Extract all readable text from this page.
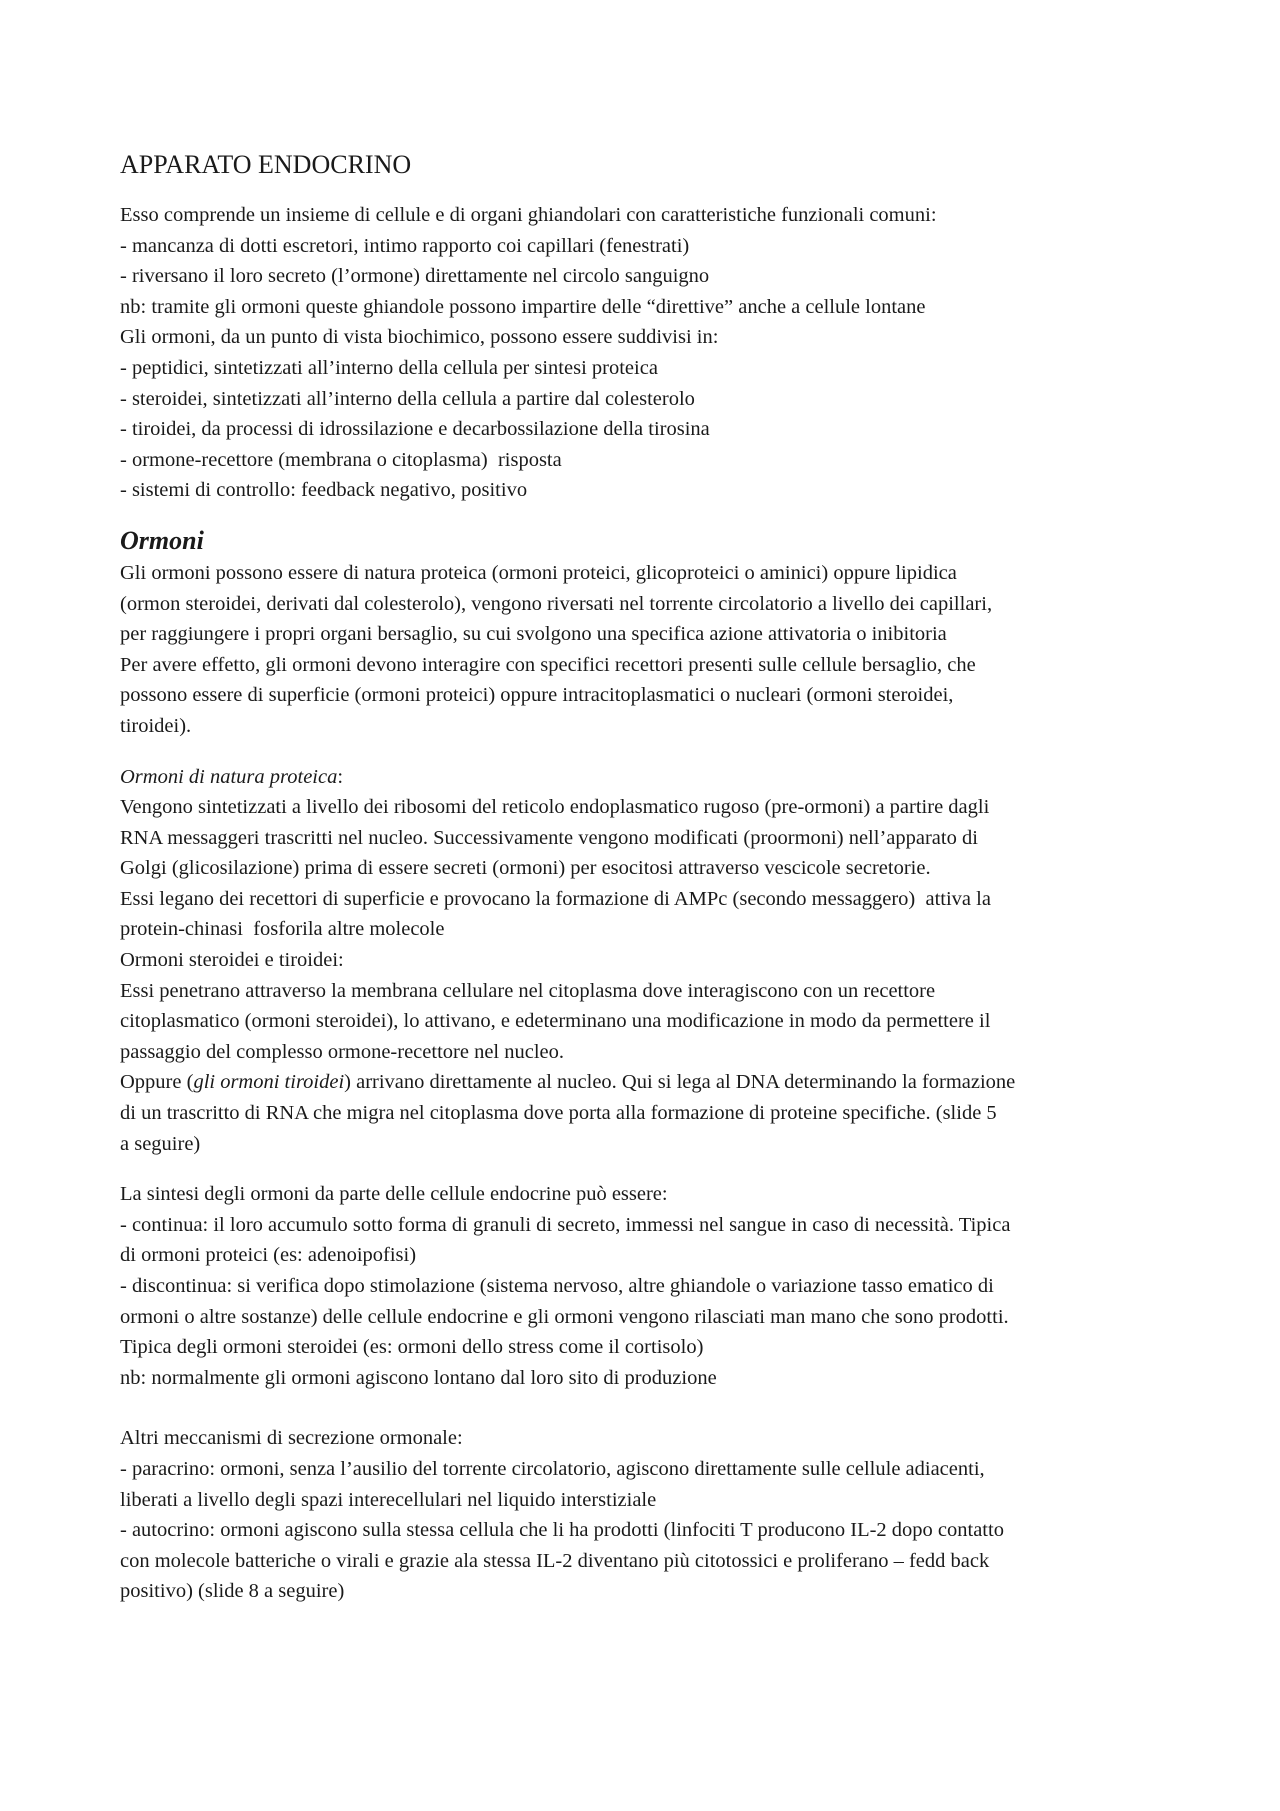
APPARATO ENDOCRINO
Esso comprende un insieme di cellule e di organi ghiandolari con caratteristiche funzionali comuni:
- mancanza di dotti escretori, intimo rapporto coi capillari (fenestrati)
- riversano il loro secreto (l’ormone) direttamente nel circolo sanguigno
nb: tramite gli ormoni queste ghiandole possono impartire delle “direttive” anche a cellule lontane
Gli ormoni, da un punto di vista biochimico, possono essere suddivisi in:
- peptidici, sintetizzati all’interno della cellula per sintesi proteica
- steroidei, sintetizzati all’interno della cellula a partire dal colesterolo
- tiroidei, da processi di idrossilazione e decarbossilazione della tirosina
- ormone-recettore (membrana o citoplasma)  risposta
- sistemi di controllo: feedback negativo, positivo
Ormoni
Gli ormoni possono essere di natura proteica (ormoni proteici, glicoproteici o aminici) oppure lipidica
(ormon steroidei, derivati dal colesterolo), vengono riversati nel torrente circolatorio a livello dei capillari,
per raggiungere i propri organi bersaglio, su cui svolgono una specifica azione attivatoria o inibitoria
Per avere effetto, gli ormoni devono interagire con specifici recettori presenti sulle cellule bersaglio, che
possono essere di superficie (ormoni proteici) oppure intracitoplasmatici o nucleari (ormoni steroidei,
tiroidei).
Ormoni di natura proteica:
Vengono sintetizzati a livello dei ribosomi del reticolo endoplasmatico rugoso (pre-ormoni) a partire dagli
RNA messaggeri trascritti nel nucleo. Successivamente vengono modificati (proormoni) nell’apparato di
Golgi (glicosilazione) prima di essere secreti (ormoni) per esocitosi attraverso vescicole secretorie.
Essi legano dei recettori di superficie e provocano la formazione di AMPc (secondo messaggero)  attiva la
protein-chinasi  fosforila altre molecole
Ormoni steroidei e tiroidei:
Essi penetrano attraverso la membrana cellulare nel citoplasma dove interagiscono con un recettore
citoplasmatico (ormoni steroidei), lo attivano, e edeterminano una modificazione in modo da permettere il
passaggio del complesso ormone-recettore nel nucleo.
Oppure (gli ormoni tiroidei) arrivano direttamente al nucleo. Qui si lega al DNA determinando la formazione
di un trascritto di RNA che migra nel citoplasma dove porta alla formazione di proteine specifiche. (slide 5
a seguire)
La sintesi degli ormoni da parte delle cellule endocrine può essere:
- continua: il loro accumulo sotto forma di granuli di secreto, immessi nel sangue in caso di necessità. Tipica
di ormoni proteici (es: adenoipofisi)
- discontinua: si verifica dopo stimolazione (sistema nervoso, altre ghiandole o variazione tasso ematico di
ormoni o altre sostanze) delle cellule endocrine e gli ormoni vengono rilasciati man mano che sono prodotti.
Tipica degli ormoni steroidei (es: ormoni dello stress come il cortisolo)
nb: normalmente gli ormoni agiscono lontano dal loro sito di produzione
Altri meccanismi di secrezione ormonale:
- paracrino: ormoni, senza l’ausilio del torrente circolatorio, agiscono direttamente sulle cellule adiacenti,
liberati a livello degli spazi interecellulari nel liquido interstiziale
- autocrino: ormoni agiscono sulla stessa cellula che li ha prodotti (linfociti T producono IL-2 dopo contatto
con molecole batteriche o virali e grazie ala stessa IL-2 diventano più citotossici e proliferano – fedd back
positivo) (slide 8 a seguire)
